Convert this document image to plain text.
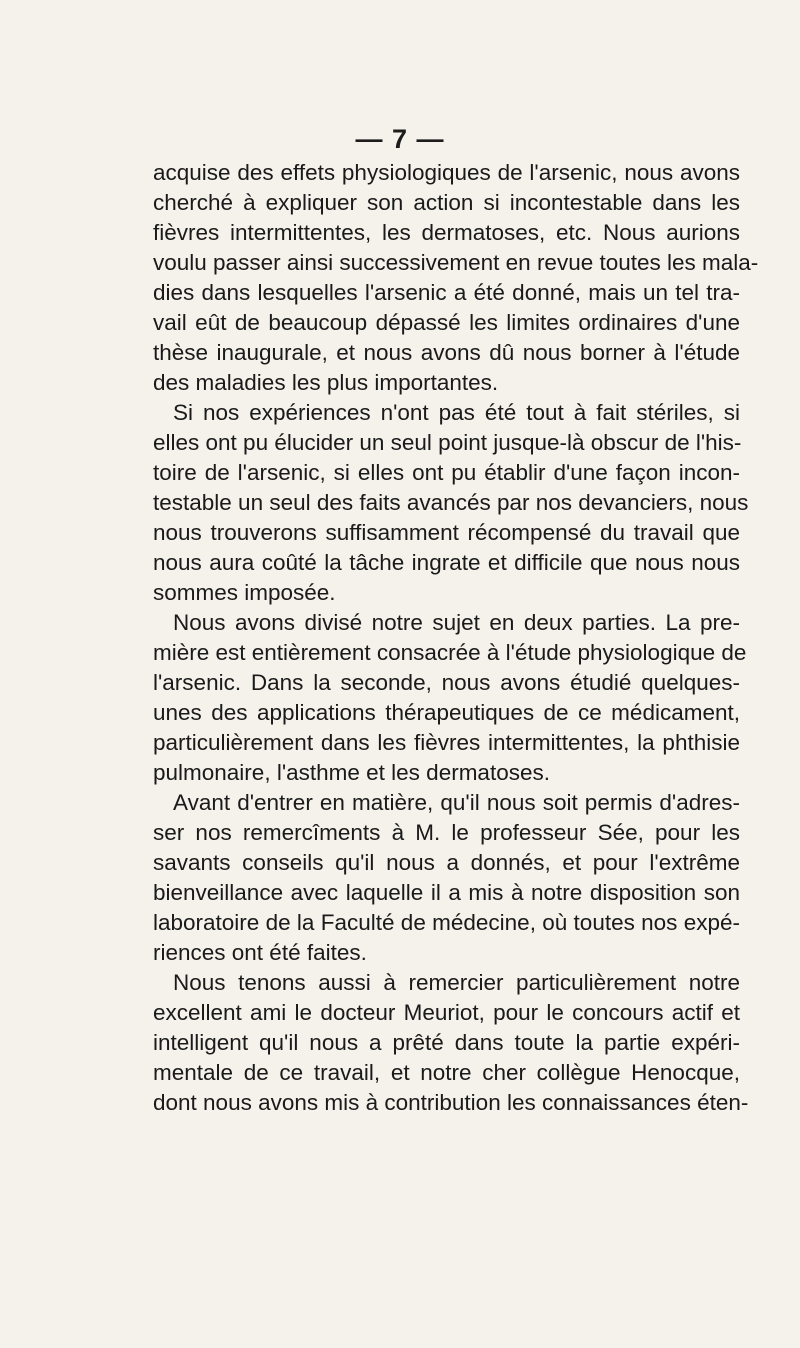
— 7 —
acquise des effets physiologiques de l'arsenic, nous avons
cherché à expliquer son action si incontestable dans les
fièvres intermittentes, les dermatoses, etc. Nous aurions
voulu passer ainsi successivement en revue toutes les mala-
dies dans lesquelles l'arsenic a été donné, mais un tel tra-
vail eût de beaucoup dépassé les limites ordinaires d'une
thèse inaugurale, et nous avons dû nous borner à l'étude
des maladies les plus importantes.
Si nos expériences n'ont pas été tout à fait stériles, si
elles ont pu élucider un seul point jusque-là obscur de l'his-
toire de l'arsenic, si elles ont pu établir d'une façon incon-
testable un seul des faits avancés par nos devanciers, nous
nous trouverons suffisamment récompensé du travail que
nous aura coûté la tâche ingrate et difficile que nous nous
sommes imposée.
Nous avons divisé notre sujet en deux parties. La pre-
mière est entièrement consacrée à l'étude physiologique de
l'arsenic. Dans la seconde, nous avons étudié quelques-
unes des applications thérapeutiques de ce médicament,
particulièrement dans les fièvres intermittentes, la phthisie
pulmonaire, l'asthme et les dermatoses.
Avant d'entrer en matière, qu'il nous soit permis d'adres-
ser nos remercîments à M. le professeur Sée, pour les
savants conseils qu'il nous a donnés, et pour l'extrême
bienveillance avec laquelle il a mis à notre disposition son
laboratoire de la Faculté de médecine, où toutes nos expé-
riences ont été faites.
Nous tenons aussi à remercier particulièrement notre
excellent ami le docteur Meuriot, pour le concours actif et
intelligent qu'il nous a prêté dans toute la partie expéri-
mentale de ce travail, et notre cher collègue Henocque,
dont nous avons mis à contribution les connaissances éten-
